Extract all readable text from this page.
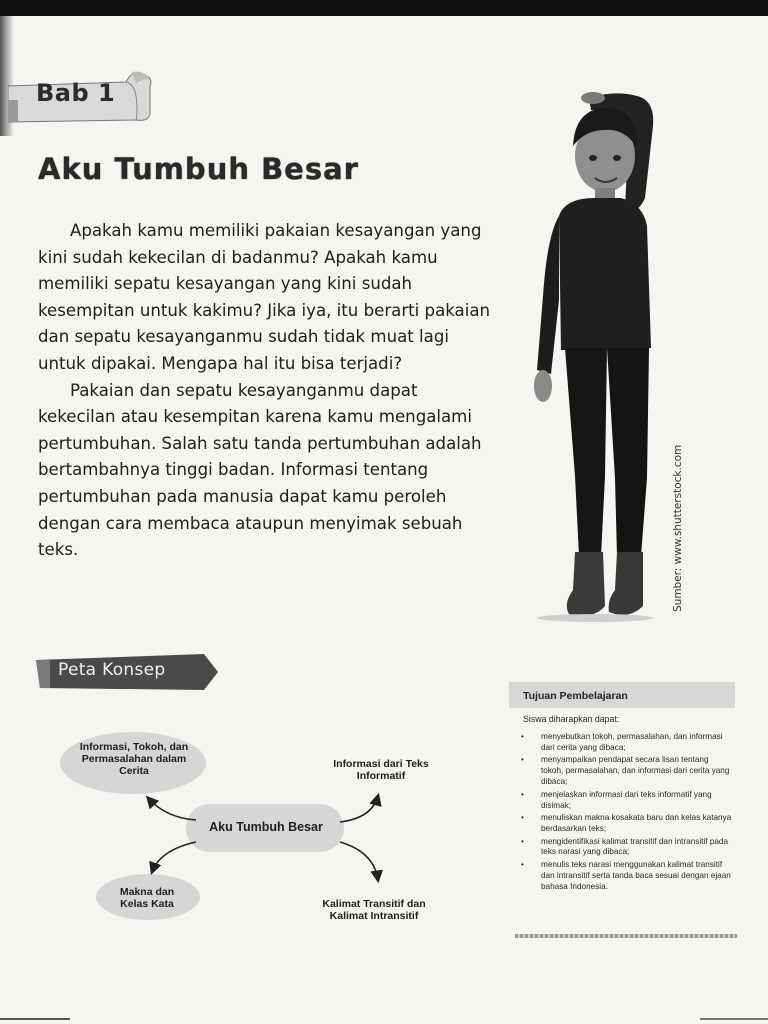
Bab 1
Aku Tumbuh Besar

Apakah kamu memiliki pakaian kesayangan yang kini sudah kekecilan di badanmu? Apakah kamu memiliki sepatu kesayangan yang kini sudah kesempitan untuk kakimu? Jika iya, itu berarti pakaian dan sepatu kesayanganmu sudah tidak muat lagi untuk dipakai. Mengapa hal itu bisa terjadi?

Pakaian dan sepatu kesayanganmu dapat kekecilan atau kesempitan karena kamu mengalami pertumbuhan. Salah satu tanda pertumbuhan adalah bertambahnya tinggi badan. Informasi tentang pertumbuhan pada manusia dapat kamu peroleh dengan cara membaca ataupun menyimak sebuah teks.	Sumber: www.shutterstock.com
Peta Konsep
Informasi, Tokoh, dan Permasalahan dalam Cerita
Informasi dari Teks Informatif
Aku Tumbuh Besar
Makna dan Kelas Kata	Kalimat Transitif dan Kalimat Intransitif
Tujuan Pembelajaran
Siswa diharapkan dapat:
• menyebutkan tokoh, permasalahan, dan informasi dari cerita yang dibaca;
• menyampaikan pendapat secara lisan tentang tokoh, permasalahan, dan informasi dari cerita yang dibaca;
• menjelaskan informasi dari teks informatif yang disimak;
• menuliskan makna kosakata baru dan kelas katanya berdasarkan teks;
• mengidentifikasi kalimat transitif dan intransitif pada teks narasi yang dibaca;
• menulis teks narasi menggunakan kalimat transitif dan intransitif serta tanda baca sesuai dengan ejaan bahasa Indonesia.
